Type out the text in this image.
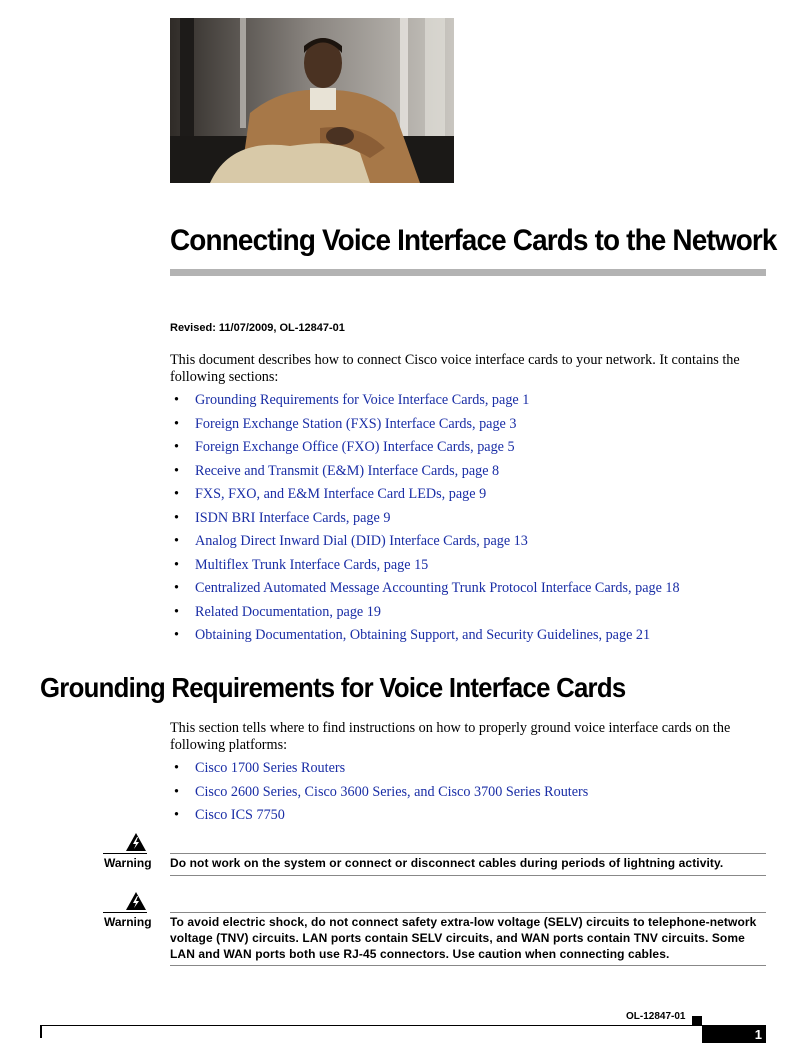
Connecting Voice Interface Cards to the Network
Revised: 11/07/2009, OL-12847-01

This document describes how to connect Cisco voice interface cards to your network. It contains the following sections:

• Grounding Requirements for Voice Interface Cards, page 1
• Foreign Exchange Station (FXS) Interface Cards, page 3
• Foreign Exchange Office (FXO) Interface Cards, page 5
• Receive and Transmit (E&M) Interface Cards, page 8
• FXS, FXO, and E&M Interface Card LEDs, page 9
• ISDN BRI Interface Cards, page 9
• Analog Direct Inward Dial (DID) Interface Cards, page 13
• Multiflex Trunk Interface Cards, page 15
• Centralized Automated Message Accounting Trunk Protocol Interface Cards, page 18
• Related Documentation, page 19
• Obtaining Documentation, Obtaining Support, and Security Guidelines, page 21
Grounding Requirements for Voice Interface Cards

This section tells where to find instructions on how to properly ground voice interface cards on the following platforms:

• Cisco 1700 Series Routers
• Cisco 2600 Series, Cisco 3600 Series, and Cisco 3700 Series Routers
• Cisco ICS 7750
Warning Do not work on the system or connect or disconnect cables during periods of lightning activity.
Warning To avoid electric shock, do not connect safety extra-low voltage (SELV) circuits to telephone-network voltage (TNV) circuits. LAN ports contain SELV circuits, and WAN ports contain TNV circuits. Some LAN and WAN ports both use RJ-45 connectors. Use caution when connecting cables.
OL-12847-01
1
